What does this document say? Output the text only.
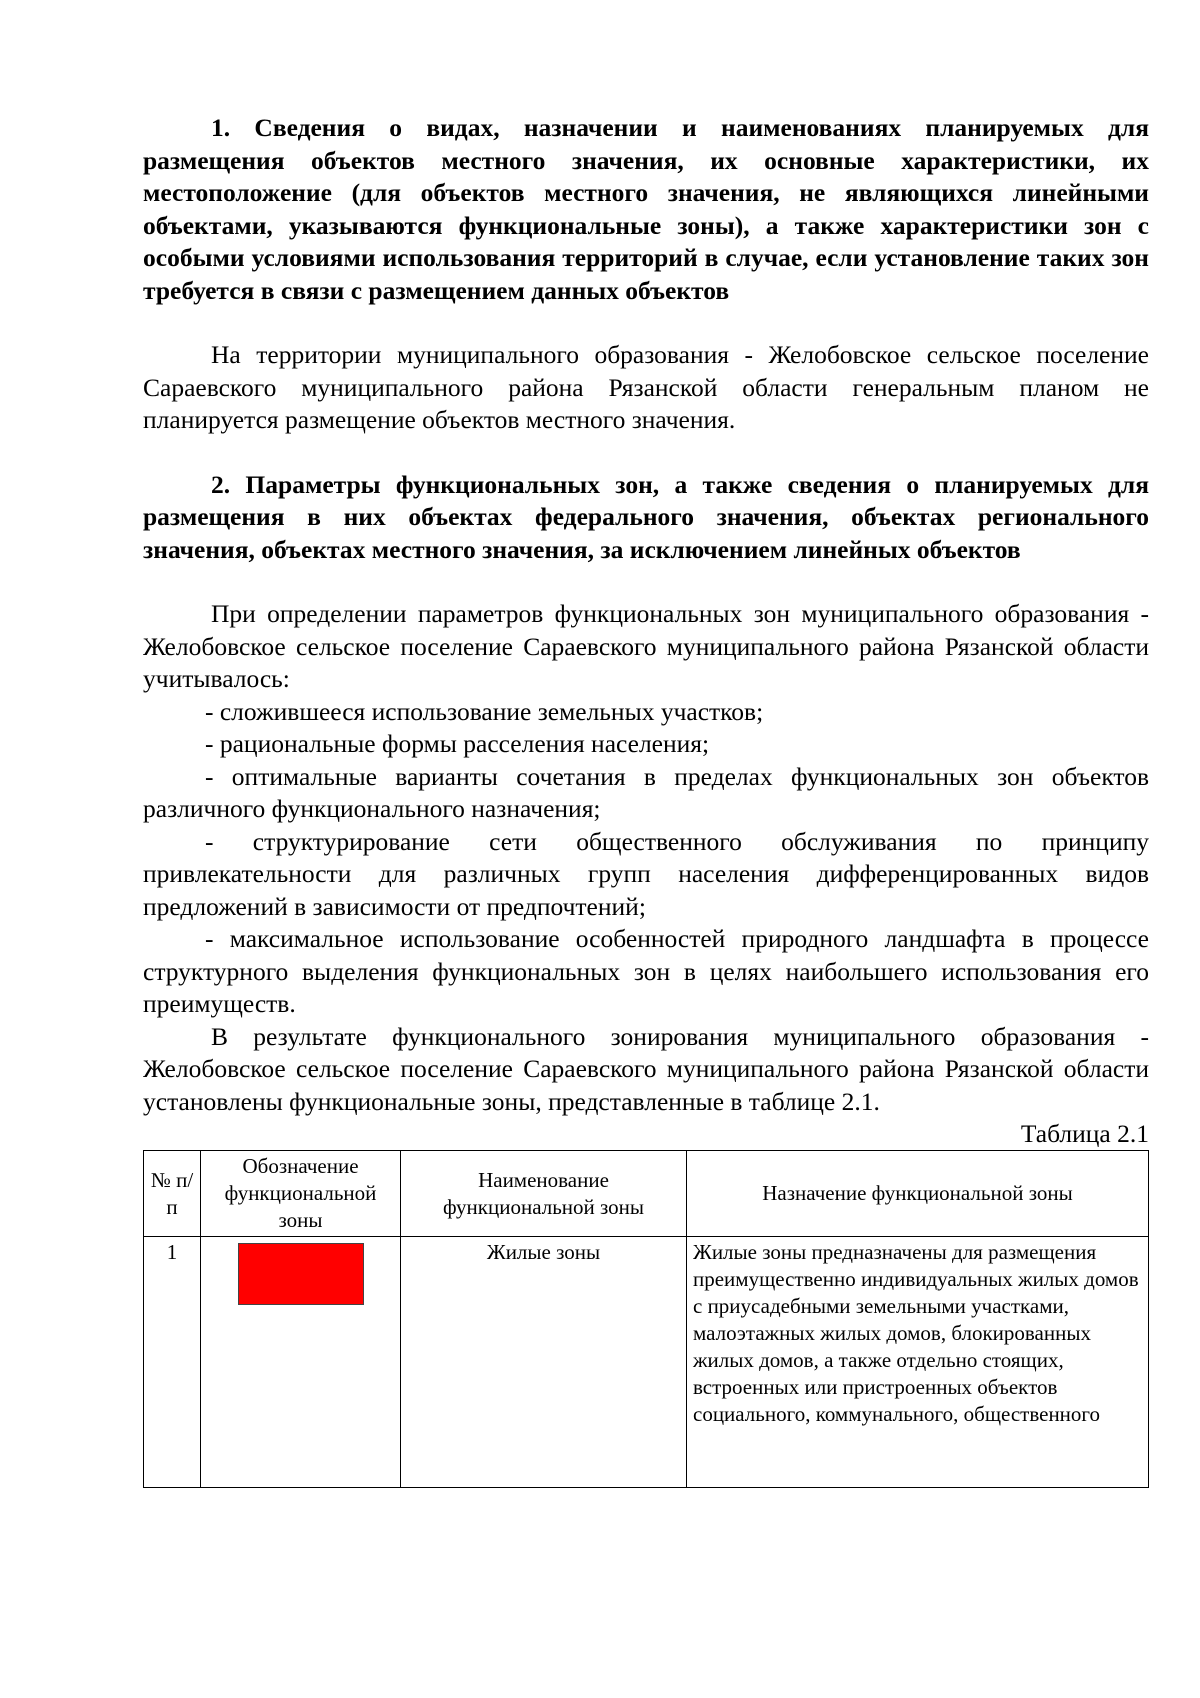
1. Сведения о видах, назначении и наименованиях планируемых для размещения объектов местного значения, их основные характеристики, их местоположение (для объектов местного значения, не являющихся линейными объектами, указываются функциональные зоны), а также характеристики зон с особыми условиями использования территорий в случае, если установление таких зон требуется в связи с размещением данных объектов

На территории муниципального образования - Желобовское сельское поселение Сараевского муниципального района Рязанской области генеральным планом не планируется размещение объектов местного значения.

2. Параметры функциональных зон, а также сведения о планируемых для размещения в них объектах федерального значения, объектах регионального значения, объектах местного значения, за исключением линейных объектов

При определении параметров функциональных зон муниципального образования - Желобовское сельское поселение Сараевского муниципального района Рязанской области учитывалось:

- сложившееся использование земельных участков;

- рациональные формы расселения населения;

- оптимальные варианты сочетания в пределах функциональных зон объектов различного функционального назначения;

- структурирование сети общественного обслуживания по принципу привлекательности для различных групп населения дифференцированных видов предложений в зависимости от предпочтений;

- максимальное использование особенностей природного ландшафта в процессе структурного выделения функциональных зон в целях наибольшего использования его преимуществ.

В результате функционального зонирования муниципального образования - Желобовское сельское поселение Сараевского муниципального района Рязанской области установлены функциональные зоны, представленные в таблице 2.1.

Таблица 2.1

№ п/п	Обозначение функциональной зоны	Наименование функциональной зоны	Назначение функциональной зоны
1		Жилые зоны	Жилые зоны предназначены для размещения преимущественно индивидуальных жилых домов с приусадебными земельными участками, малоэтажных жилых домов, блокированных жилых домов, а также отдельно стоящих, встроенных или пристроенных объектов социального, коммунального, общественного
